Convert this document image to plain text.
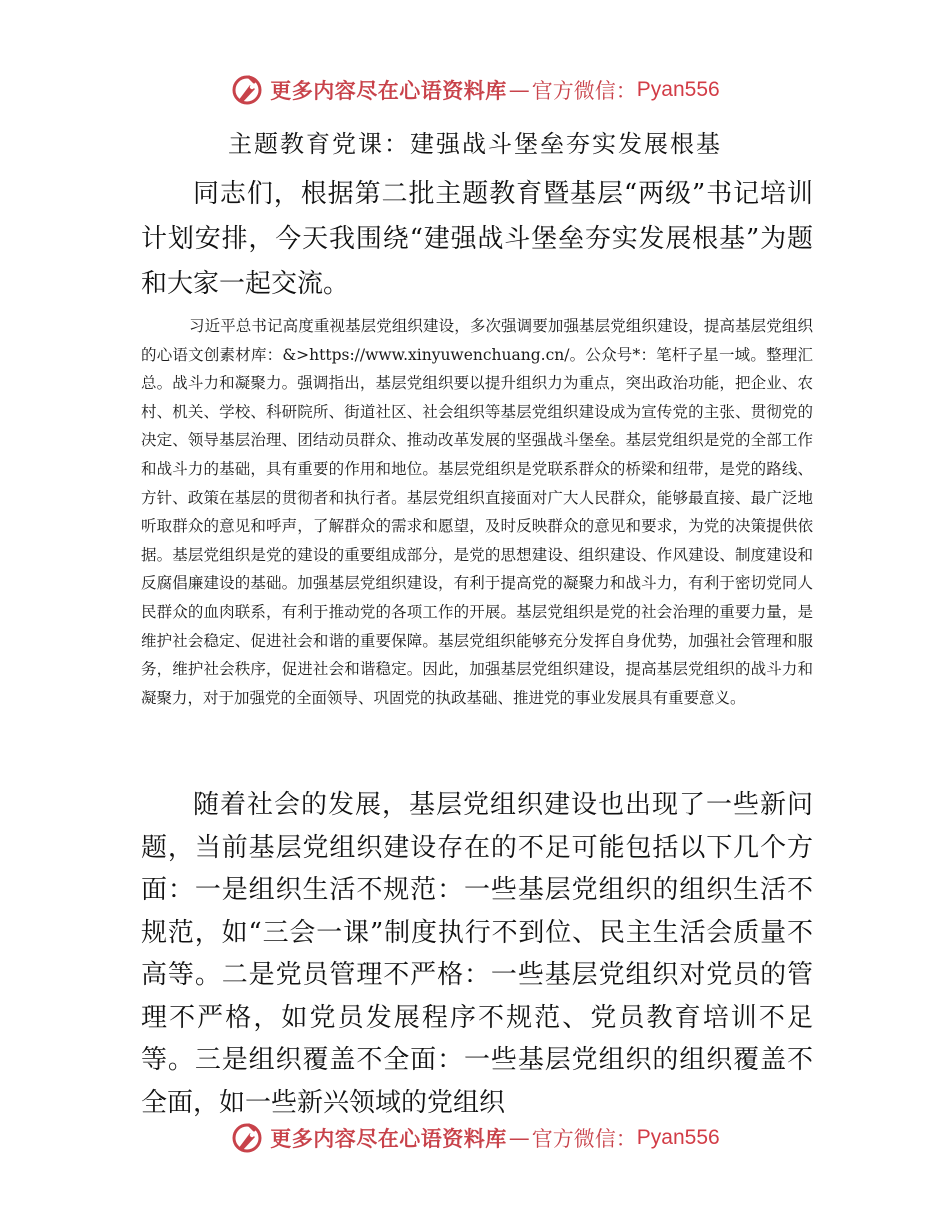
更多内容尽在心语资料库 — 官方微信： Pyan556
主题教育党课：建强战斗堡垒夯实发展根基

同志们，根据第二批主题教育暨基层“两级”书记培训计划安排，今天我围绕“建强战斗堡垒夯实发展根基”为题和大家一起交流。

习近平总书记高度重视基层党组织建设，多次强调要加强基层党组织建设，提高基层党组织的心语文创素材库：&>https://www.xinyuwenchuang.cn/。公众号*：笔杆子星一域。整理汇总。战斗力和凝聚力。强调指出，基层党组织要以提升组织力为重点，突出政治功能，把企业、农村、机关、学校、科研院所、街道社区、社会组织等基层党组织建设成为宣传党的主张、贯彻党的决定、领导基层治理、团结动员群众、推动改革发展的坚强战斗堡垒。基层党组织是党的全部工作和战斗力的基础，具有重要的作用和地位。基层党组织是党联系群众的桥梁和纽带，是党的路线、方针、政策在基层的贯彻者和执行者。基层党组织直接面对广大人民群众，能够最直接、最广泛地听取群众的意见和呼声，了解群众的需求和愿望，及时反映群众的意见和要求，为党的决策提供依据。基层党组织是党的建设的重要组成部分，是党的思想建设、组织建设、作风建设、制度建设和反腐倡廉建设的基础。加强基层党组织建设，有利于提高党的凝聚力和战斗力，有利于密切党同人民群众的血肉联系，有利于推动党的各项工作的开展。基层党组织是党的社会治理的重要力量，是维护社会稳定、促进社会和谐的重要保障。基层党组织能够充分发挥自身优势，加强社会管理和服务，维护社会秩序，促进社会和谐稳定。因此，加强基层党组织建设，提高基层党组织的战斗力和凝聚力，对于加强党的全面领导、巩固党的执政基础、推进党的事业发展具有重要意义。

随着社会的发展，基层党组织建设也出现了一些新问题，当前基层党组织建设存在的不足可能包括以下几个方面：一是组织生活不规范：一些基层党组织的组织生活不规范，如“三会一课”制度执行不到位、民主生活会质量不高等。二是党员管理不严格：一些基层党组织对党员的管理不严格，如党员发展程序不规范、党员教育培训不足等。三是组织覆盖不全面：一些基层党组织的组织覆盖不全面，如一些新兴领域的党组织

更多内容尽在心语资料库 — 官方微信： Pyan556
